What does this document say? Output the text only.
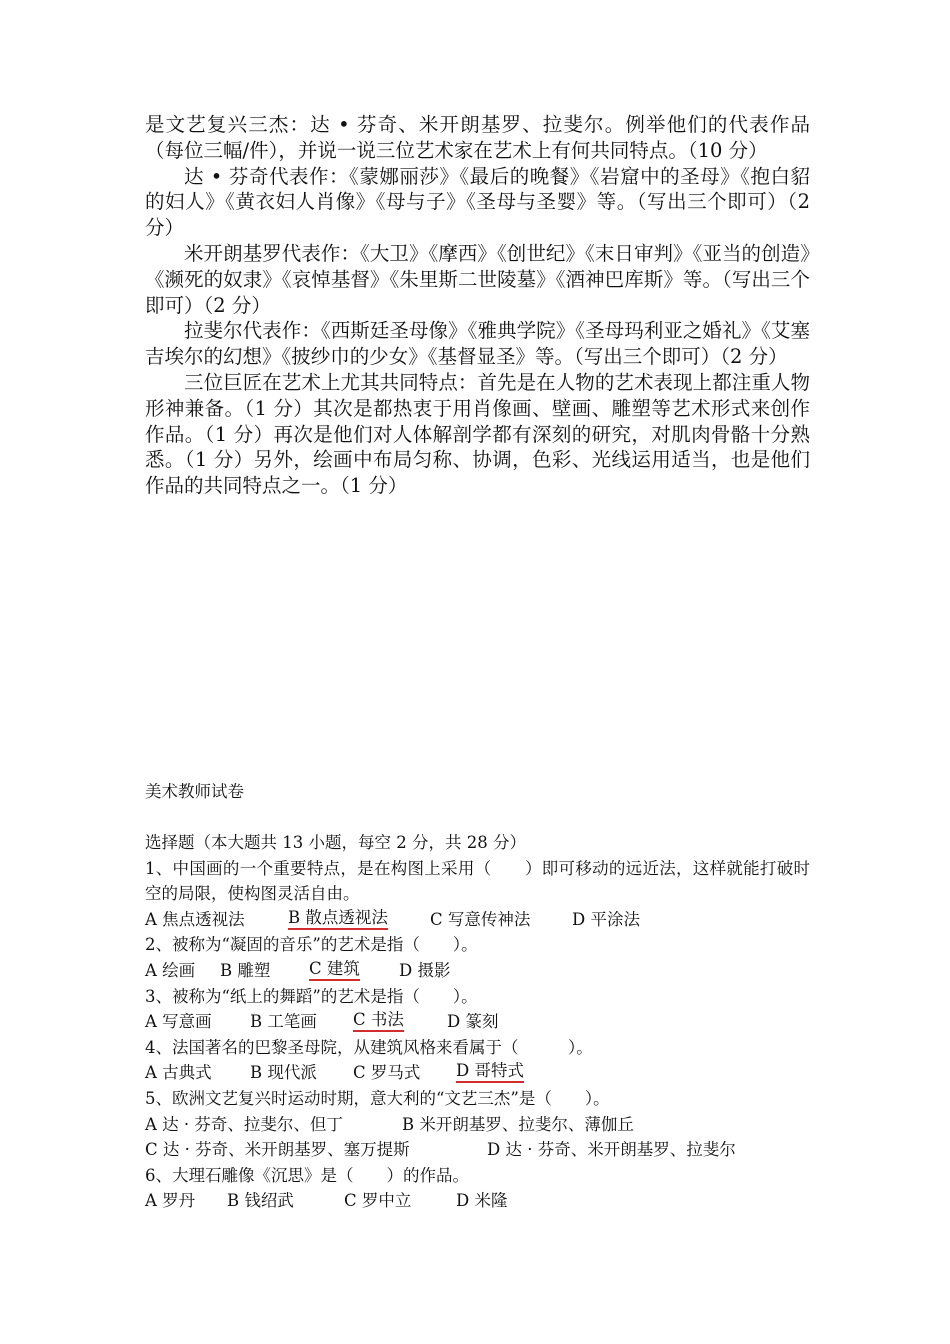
是文艺复兴三杰：达 • 芬奇、米开朗基罗、拉斐尔。例举他们的代表作品（每位三幅/件），并说一说三位艺术家在艺术上有何共同特点。（10 分）

达 • 芬奇代表作：《蒙娜丽莎》《最后的晚餐》《岩窟中的圣母》《抱白貂的妇人》《黄衣妇人肖像》《母与子》《圣母与圣婴》等。（写出三个即可）（2 分）

米开朗基罗代表作：《大卫》《摩西》《创世纪》《末日审判》《亚当的创造》《濒死的奴隶》《哀悼基督》《朱里斯二世陵墓》《酒神巴库斯》等。（写出三个即可）（2 分）

拉斐尔代表作：《西斯廷圣母像》《雅典学院》《圣母玛利亚之婚礼》《艾塞吉埃尔的幻想》《披纱巾的少女》《基督显圣》等。（写出三个即可）（2 分）

三位巨匠在艺术上尤其共同特点：首先是在人物的艺术表现上都注重人物形神兼备。（1 分）其次是都热衷于用肖像画、壁画、雕塑等艺术形式来创作作品。（1 分）再次是他们对人体解剖学都有深刻的研究，对肌肉骨骼十分熟悉。（1 分）另外，绘画中布局匀称、协调，色彩、光线运用适当，也是他们作品的共同特点之一。（1 分）

美术教师试卷
选择题（本大题共 13 小题，每空 2 分，共 28 分）
1、中国画的一个重要特点，是在构图上采用（　　）即可移动的远近法，这样就能打破时空的局限，使构图灵活自由。
A 焦点透视法	B 散点透视法	C 写意传神法	D 平涂法
2、被称为“凝固的音乐”的艺术是指（　　）。
A 绘画 B 雕塑 C 建筑 D 摄影
3、被称为“纸上的舞蹈”的艺术是指（　　）。
A 写意画 B 工笔画 C 书法	D 篆刻
4、法国著名的巴黎圣母院，从建筑风格来看属于（　　　）。
A 古典式 B 现代派 C 罗马式 D 哥特式
5、欧洲文艺复兴时运动时期，意大利的“文艺三杰”是（　　）。
A 达 · 芬奇、拉斐尔、但丁	B 米开朗基罗、拉斐尔、薄伽丘
C 达 · 芬奇、米开朗基罗、塞万提斯	D 达 · 芬奇、米开朗基罗、拉斐尔
6、大理石雕像《沉思》是（　　）的作品。
A 罗丹 B 钱绍武	C 罗中立	D 米隆
